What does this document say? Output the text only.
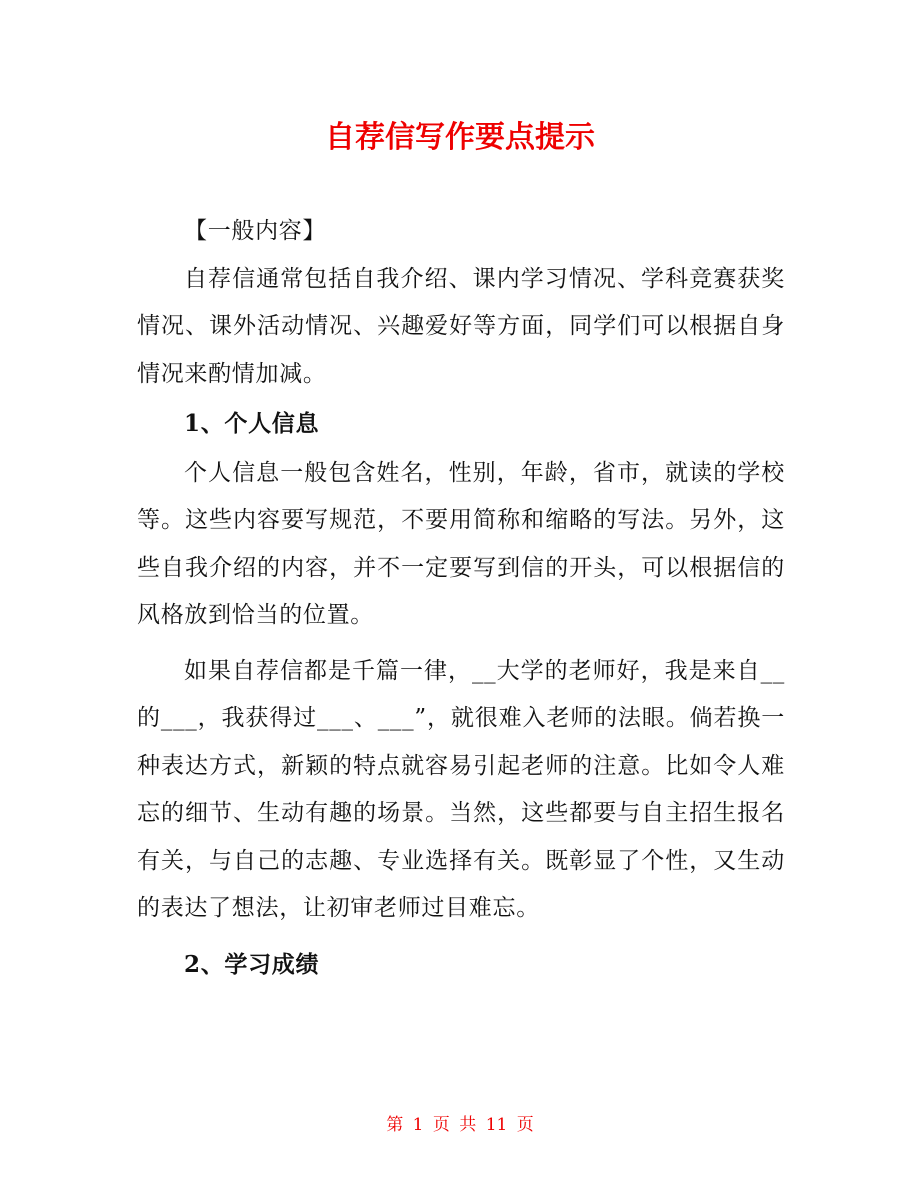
自荐信写作要点提示

【一般内容】

自荐信通常包括自我介绍、课内学习情况、学科竞赛获奖情况、课外活动情况、兴趣爱好等方面，同学们可以根据自身情况来酌情加减。

1、个人信息

个人信息一般包含姓名，性别，年龄，省市，就读的学校等。这些内容要写规范，不要用简称和缩略的写法。另外，这些自我介绍的内容，并不一定要写到信的开头，可以根据信的风格放到恰当的位置。

如果自荐信都是千篇一律，__大学的老师好，我是来自__的___，我获得过___、___”，就很难入老师的法眼。倘若换一种表达方式，新颖的特点就容易引起老师的注意。比如令人难忘的细节、生动有趣的场景。当然，这些都要与自主招生报名有关，与自己的志趣、专业选择有关。既彰显了个性，又生动的表达了想法，让初审老师过目难忘。

2、学习成绩

第 1 页 共 11 页
